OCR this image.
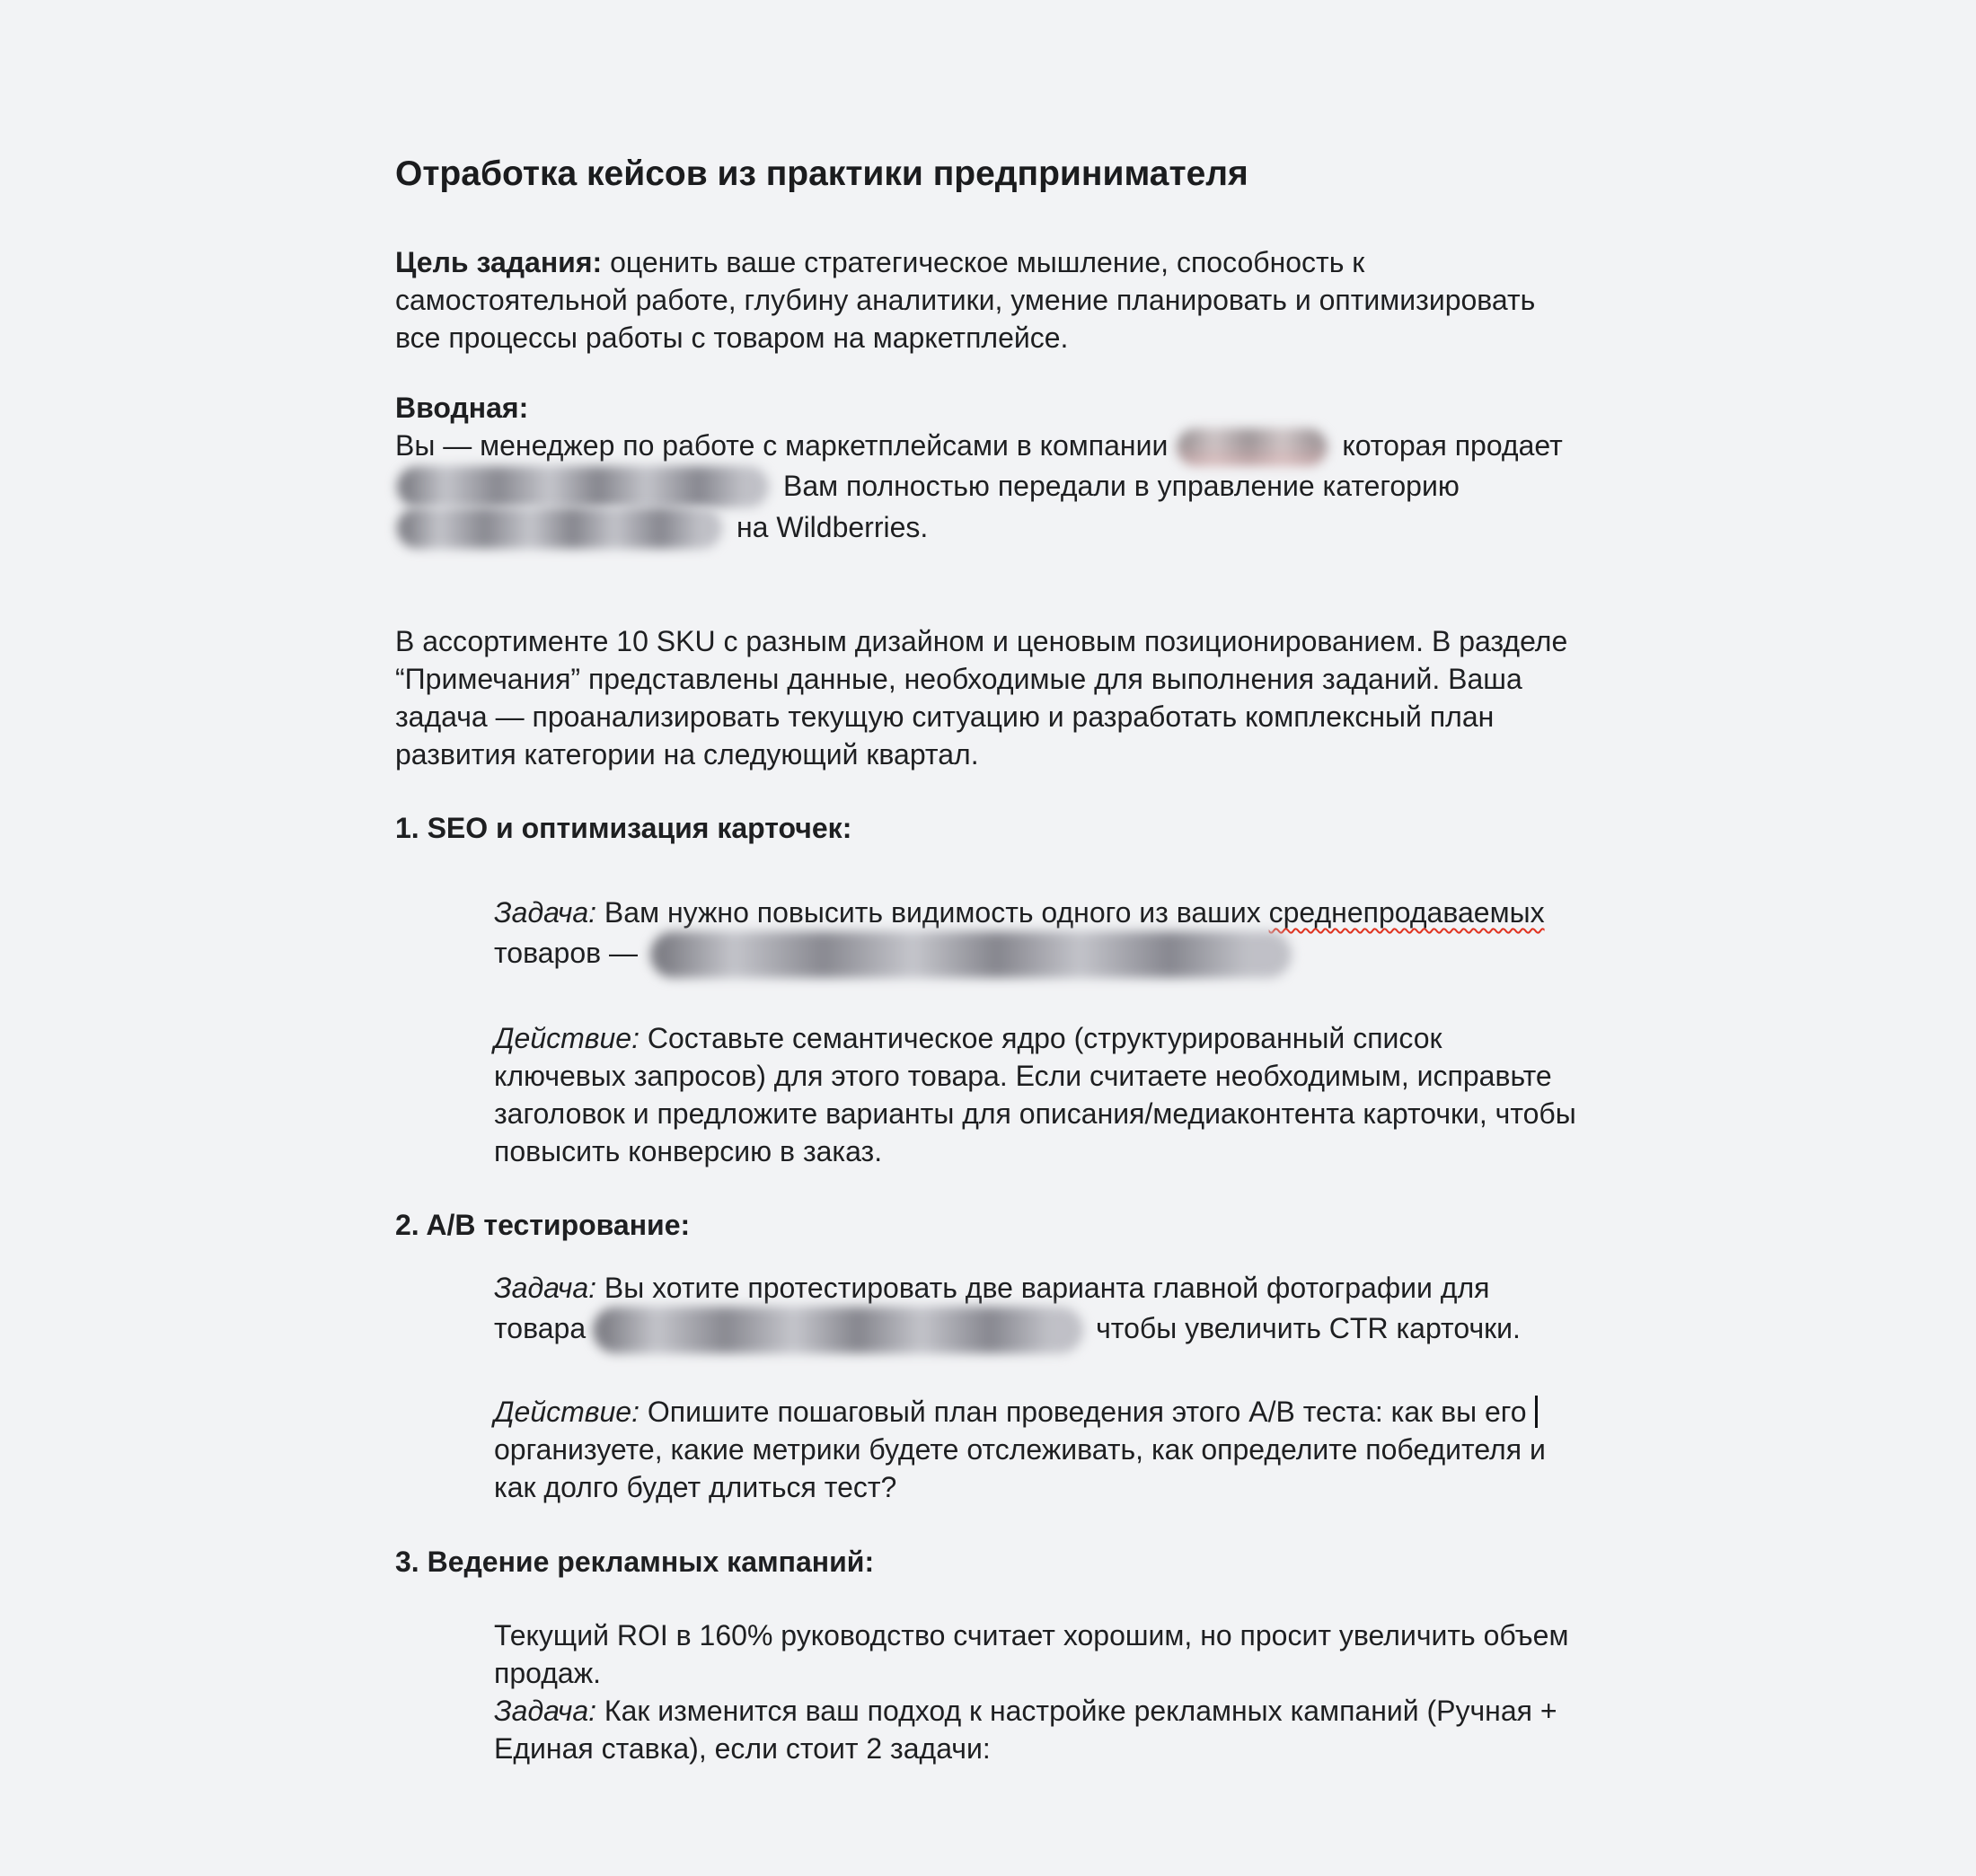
Отработка кейсов из практики предпринимателя
Цель задания: оценить ваше стратегическое мышление, способность к
самостоятельной работе, глубину аналитики, умение планировать и оптимизировать
все процессы работы с товаром на маркетплейсе.
Вводная:
Вы — менеджер по работе с маркетплейсами в компании	которая продает
Вам полностью передали в управление категорию
на Wildberries.
В ассортименте 10 SKU с разным дизайном и ценовым позиционированием. В разделе
“Примечания” представлены данные, необходимые для выполнения заданий. Ваша
задача — проанализировать текущую ситуацию и разработать комплексный план
развития категории на следующий квартал.
1. SEO и оптимизация карточек:
Задача: Вам нужно повысить видимость одного из ваших среднепродаваемых
товаров —
Действие: Составьте семантическое ядро (структурированный список
ключевых запросов) для этого товара. Если считаете необходимым, исправьте
заголовок и предложите варианты для описания/медиаконтента карточки, чтобы
повысить конверсию в заказ.
2. A/B тестирование:
Задача: Вы хотите протестировать две варианта главной фотографии для
товара	чтобы увеличить CTR карточки.
Действие: Опишите пошаговый план проведения этого A/B теста: как вы его
организуете, какие метрики будете отслеживать, как определите победителя и
как долго будет длиться тест?
3. Ведение рекламных кампаний:
Текущий ROI в 160% руководство считает хорошим, но просит увеличить объем
продаж.
Задача: Как изменится ваш подход к настройке рекламных кампаний (Ручная +
Единая ставка), если стоит 2 задачи:
